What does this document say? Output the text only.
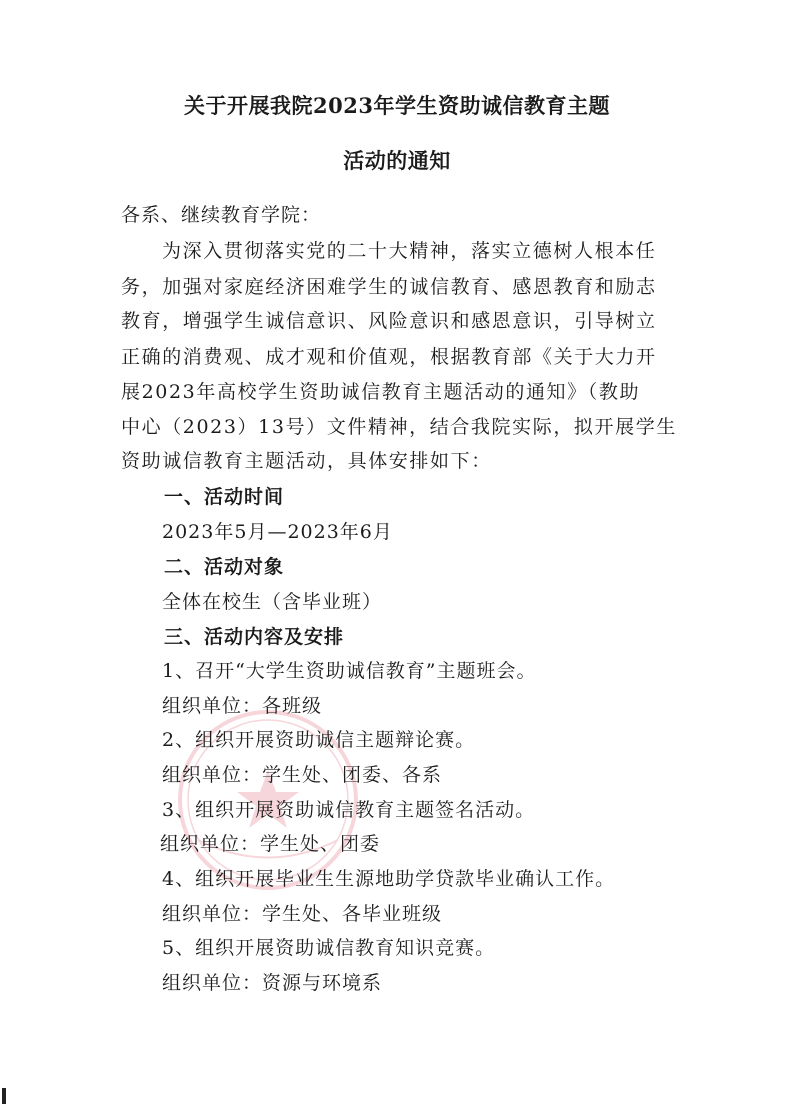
关于开展我院2023年学生资助诚信教育主题
活动的通知
各系、继续教育学院：
为深入贯彻落实党的二十大精神，落实立德树人根本任
务，加强对家庭经济困难学生的诚信教育、感恩教育和励志
教育，增强学生诚信意识、风险意识和感恩意识，引导树立
正确的消费观、成才观和价值观，根据教育部《关于大力开
展2023年高校学生资助诚信教育主题活动的通知》（教助
中心（2023）13号）文件精神，结合我院实际，拟开展学生
资助诚信教育主题活动，具体安排如下：
一、活动时间
2023年5月—2023年6月
二、活动对象
全体在校生（含毕业班）
三、活动内容及安排
1、召开“大学生资助诚信教育”主题班会。
组织单位：各班级
2、组织开展资助诚信主题辩论赛。
组织单位：学生处、团委、各系
3、组织开展资助诚信教育主题签名活动。
组织单位：学生处、团委
4、组织开展毕业生生源地助学贷款毕业确认工作。
组织单位：学生处、各毕业班级
5、组织开展资助诚信教育知识竞赛。
组织单位：资源与环境系
